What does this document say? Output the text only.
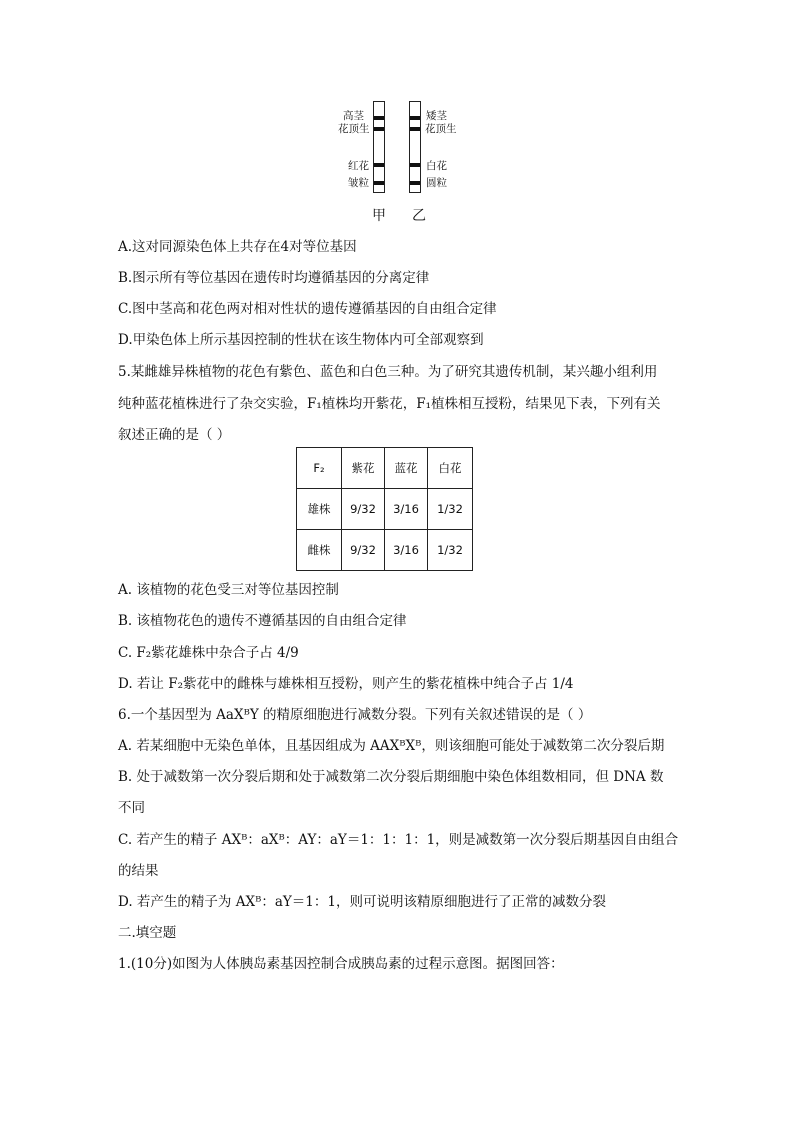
高茎
花顶生
红花
皱粒
矮茎
花顶生
白花
圆粒
甲 乙
A.这对同源染色体上共存在4对等位基因
B.图示所有等位基因在遗传时均遵循基因的分离定律
C.图中茎高和花色两对相对性状的遗传遵循基因的自由组合定律
D.甲染色体上所示基因控制的性状在该生物体内可全部观察到
5.某雌雄异株植物的花色有紫色、蓝色和白色三种。为了研究其遗传机制，某兴趣小组利用
纯种蓝花植株进行了杂交实验，F₁植株均开紫花，F₁植株相互授粉，结果见下表，下列有关
叙述正确的是（ ）
F₂	紫花	蓝花	白花
雄株	9/32	3/16	1/32
雌株	9/32	3/16	1/32
A. 该植物的花色受三对等位基因控制
B. 该植物花色的遗传不遵循基因的自由组合定律
C. F₂紫花雄株中杂合子占 4/9
D. 若让 F₂紫花中的雌株与雄株相互授粉，则产生的紫花植株中纯合子占 1/4
6.一个基因型为 AaXᴮY 的精原细胞进行减数分裂。下列有关叙述错误的是（ ）
A. 若某细胞中无染色单体，且基因组成为 AAXᴮXᴮ，则该细胞可能处于减数第二次分裂后期
B. 处于减数第一次分裂后期和处于减数第二次分裂后期细胞中染色体组数相同，但 DNA 数
不同
C. 若产生的精子 AXᴮ：aXᴮ：AY：aY＝1：1：1：1，则是减数第一次分裂后期基因自由组合
的结果
D. 若产生的精子为 AXᴮ：aY＝1：1，则可说明该精原细胞进行了正常的减数分裂
二.填空题
1.(10分)如图为人体胰岛素基因控制合成胰岛素的过程示意图。据图回答：
